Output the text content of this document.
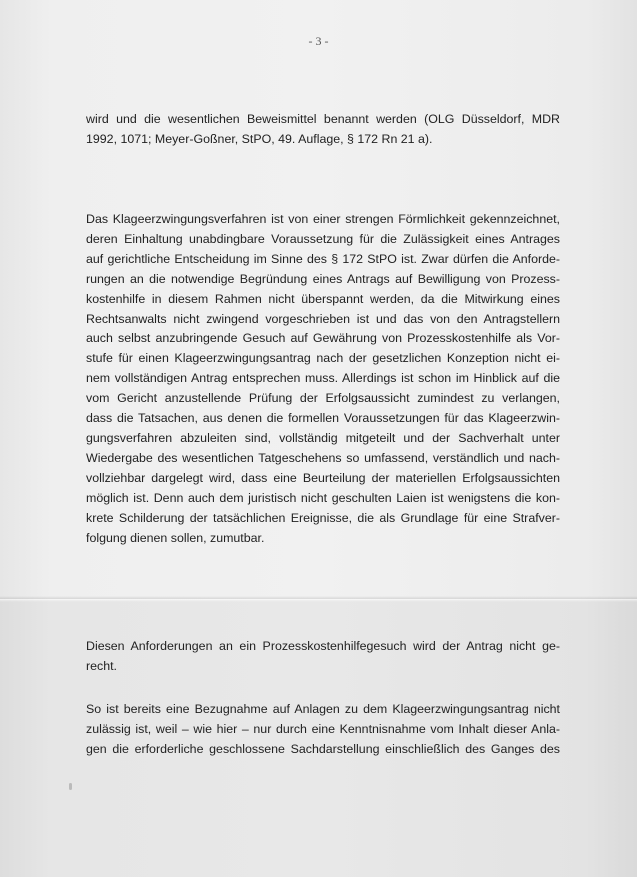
- 3 -

wird und die wesentlichen Beweismittel benannt werden (OLG Düsseldorf, MDR
1992, 1071; Meyer-Goßner, StPO, 49. Auflage, § 172 Rn 21 a).

Das Klageerzwingungsverfahren ist von einer strengen Förmlichkeit gekennzeichnet,
deren Einhaltung unabdingbare Voraussetzung für die Zulässigkeit eines Antrages
auf gerichtliche Entscheidung im Sinne des § 172 StPO ist. Zwar dürfen die Anforde-
rungen an die notwendige Begründung eines Antrags auf Bewilligung von Prozess-
kostenhilfe in diesem Rahmen nicht überspannt werden, da die Mitwirkung eines
Rechtsanwalts nicht zwingend vorgeschrieben ist und das von den Antragstellern
auch selbst anzubringende Gesuch auf Gewährung von Prozesskostenhilfe als Vor-
stufe für einen Klageerzwingungsantrag nach der gesetzlichen Konzeption nicht ei-
nem vollständigen Antrag entsprechen muss. Allerdings ist schon im Hinblick auf die
vom Gericht anzustellende Prüfung der Erfolgsaussicht zumindest zu verlangen,
dass die Tatsachen, aus denen die formellen Voraussetzungen für das Klageerzwin-
gungsverfahren abzuleiten sind, vollständig mitgeteilt und der Sachverhalt unter
Wiedergabe des wesentlichen Tatgeschehens so umfassend, verständlich und nach-
vollziehbar dargelegt wird, dass eine Beurteilung der materiellen Erfolgsaussichten
möglich ist. Denn auch dem juristisch nicht geschulten Laien ist wenigstens die kon-
krete Schilderung der tatsächlichen Ereignisse, die als Grundlage für eine Strafver-
folgung dienen sollen, zumutbar.

Diesen Anforderungen an ein Prozesskostenhilfegesuch wird der Antrag nicht ge-
recht.

So ist bereits eine Bezugnahme auf Anlagen zu dem Klageerzwingungsantrag nicht
zulässig ist, weil – wie hier – nur durch eine Kenntnisnahme vom Inhalt dieser Anla-
gen die erforderliche geschlossene Sachdarstellung einschließlich des Ganges des
